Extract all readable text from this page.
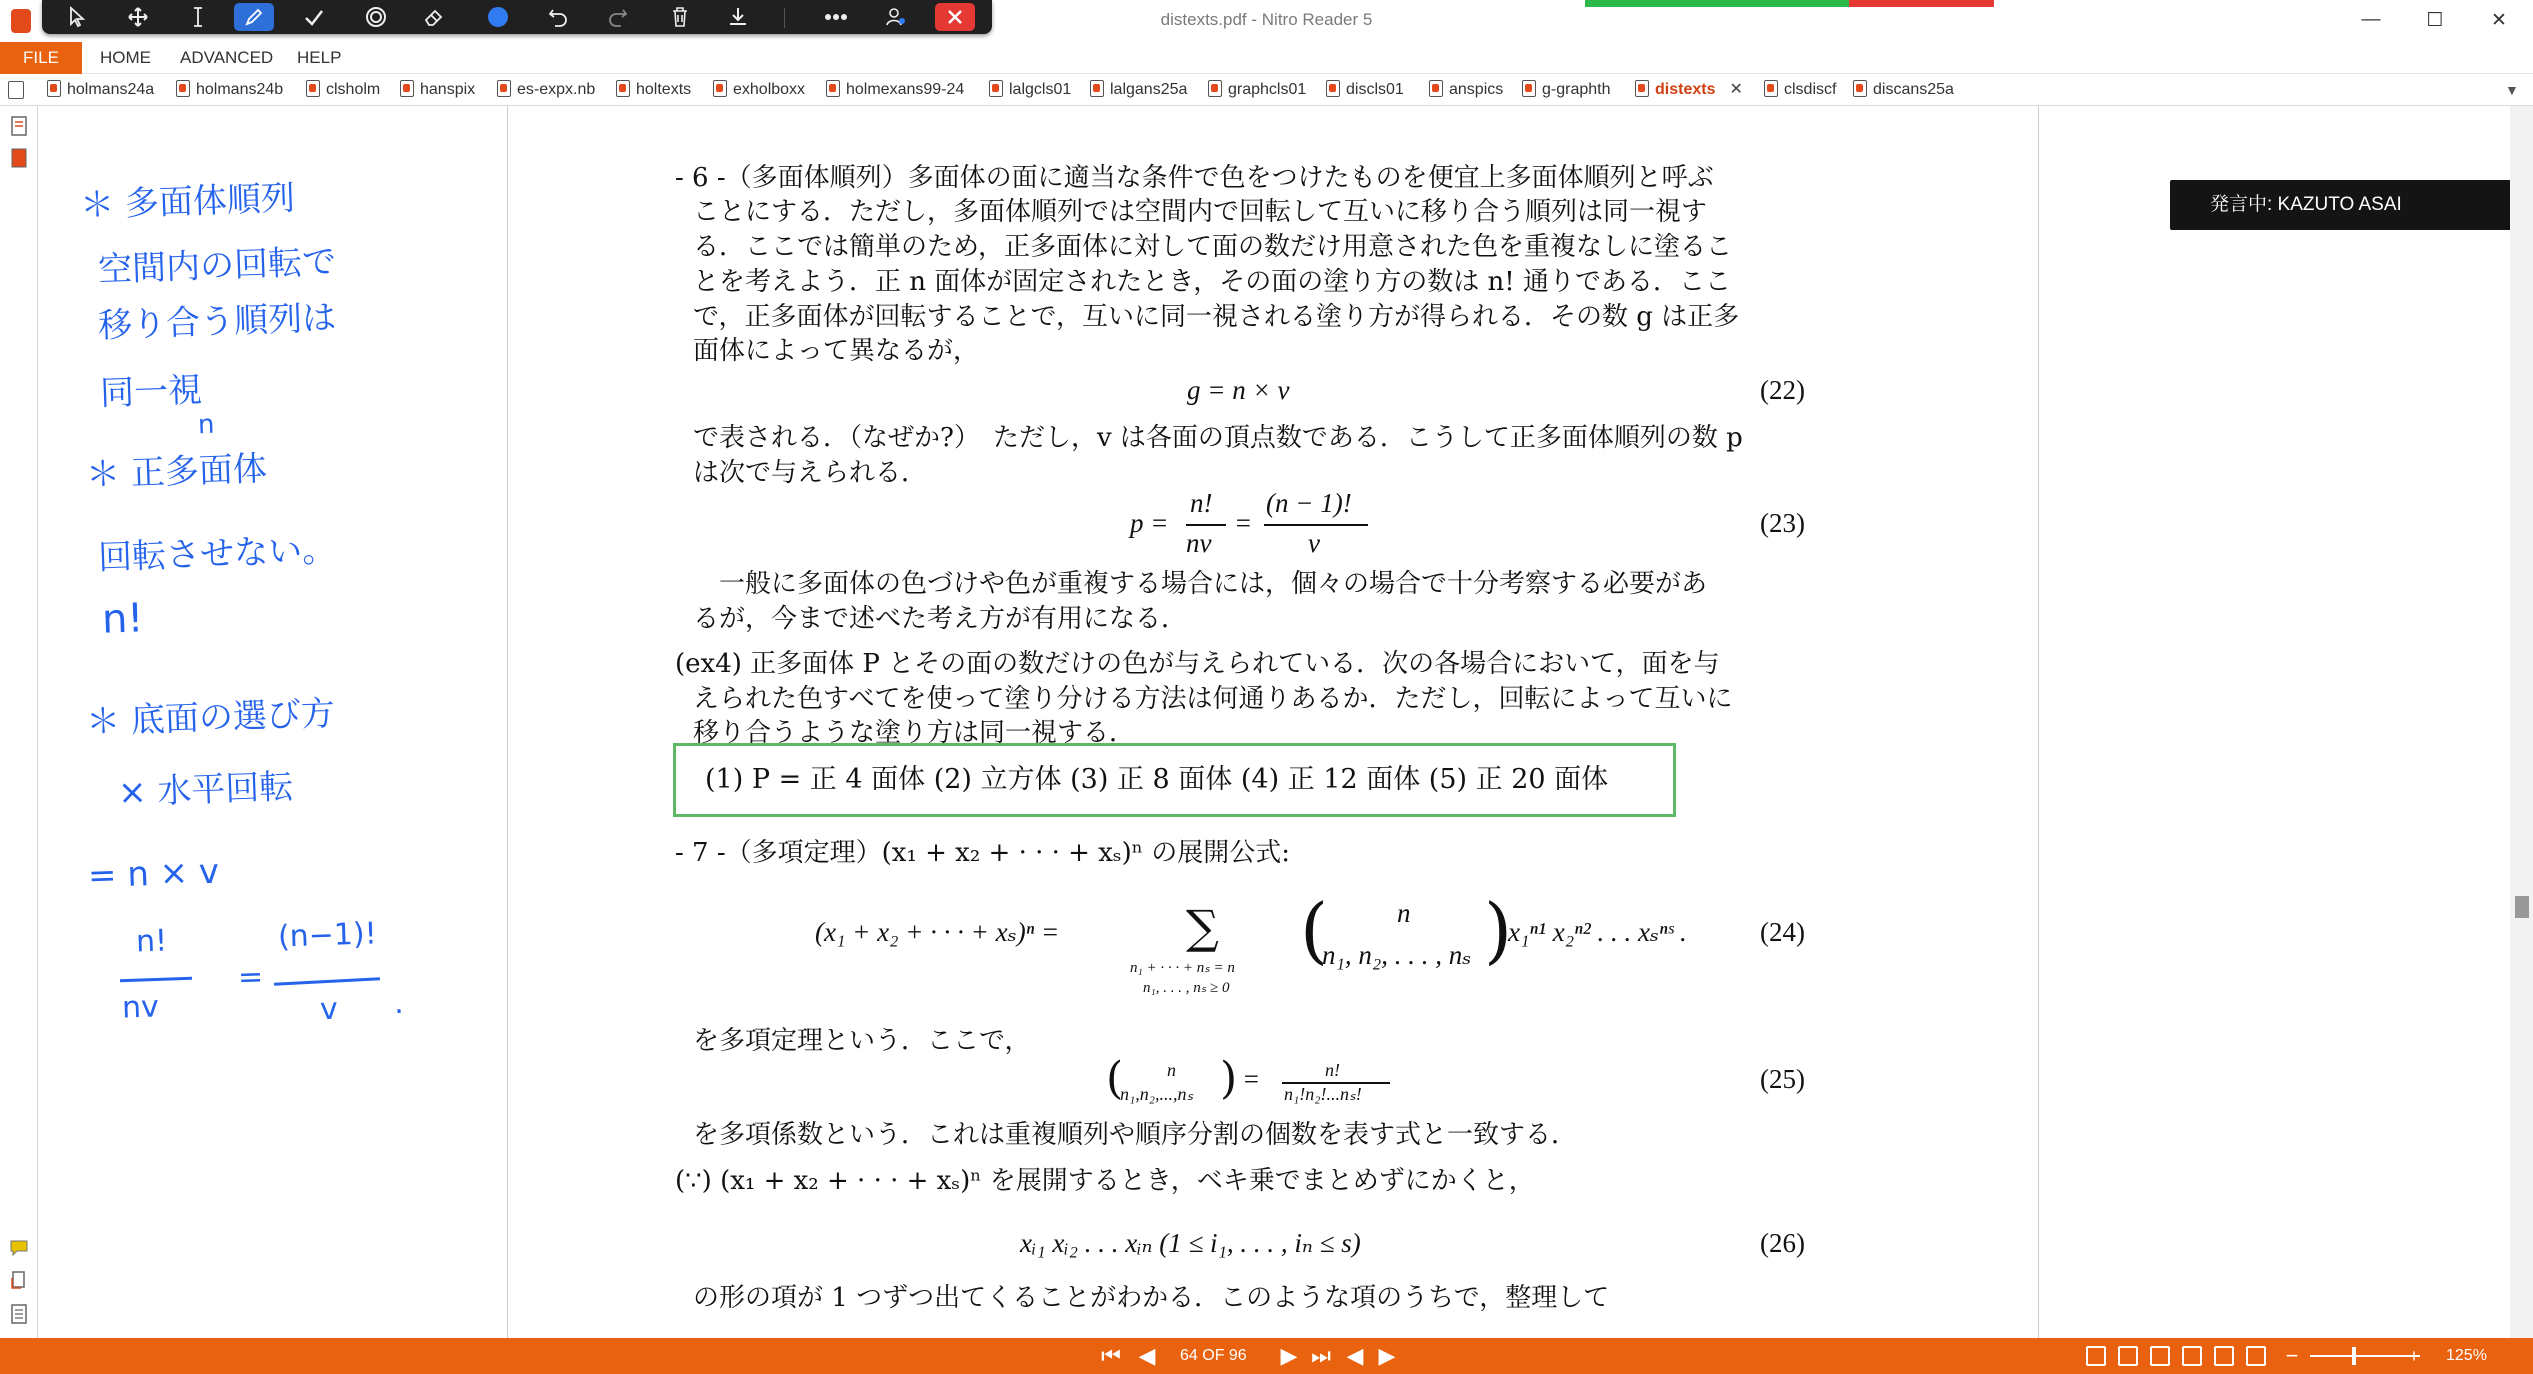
distexts.pdf - Nitro Reader 5	—	☐	✕
FILE	HOME ADVANCED HELP
holmans24a	holmans24b	clsholm	hanspix	es-expx.nb	holtexts	exholboxx	holmexans99-24	lalgcls01	lalgans25a	graphcls01	discls01	anspics	g-graphth	distexts ✕	clsdiscf	discans25a	▼
＊ 多面体順列
空間内の回転で
移り合う順列は
同一視
n
＊ 正多面体
回転させない。
n!
＊ 底面の選び方
× 水平回転
= n × v
n!
nv
=
(n−1)!
v .
- 6 -（多面体順列）多面体の面に適当な条件で色をつけたものを便宜上多面体順列と呼ぶ
ことにする．ただし，多面体順列では空間内で回転して互いに移り合う順列は同一視す
る．ここでは簡単のため，正多面体に対して面の数だけ用意された色を重複なしに塗るこ
とを考えよう．正 n 面体が固定されたとき，その面の塗り方の数は n! 通りである．ここ
で，正多面体が回転することで，互いに同一視される塗り方が得られる．その数 g は正多
面体によって異なるが，
g = n × v	(22)
で表される．（なぜか?）　ただし，v は各面の頂点数である．こうして正多面体順列の数 p
は次で与えられる．
p =
n!
nv
=
(n − 1)!
v
(23)
　一般に多面体の色づけや色が重複する場合には，個々の場合で十分考察する必要があ
るが，今まで述べた考え方が有用になる．
(ex4) 正多面体 P とその面の数だけの色が与えられている．次の各場合において，面を与
えられた色すべてを使って塗り分ける方法は何通りあるか．ただし，回転によって互いに
移り合うような塗り方は同一視する．
(1) P = 正 4 面体 (2) 立方体 (3) 正 8 面体 (4) 正 12 面体 (5) 正 20 面体
- 7 -（多項定理）(x₁ + x₂ + · · · + xₛ)ⁿ の展開公式:
(x₁ + x₂ + · · · + xₛ)ⁿ =	∑
n₁ + · · · + nₛ = n
n₁, . . . , nₛ ≥ 0
(	n
n₁, n₂, . . . , nₛ )
x₁ⁿ¹ x₂ⁿ² . . . xₛⁿˢ .	(24)
を多項定理という．ここで，
( n
n₁,n₂,...,nₛ ) =	n!
n₁!n₂!...nₛ!	(25)
を多項係数という．これは重複順列や順序分割の個数を表す式と一致する．
(∵) (x₁ + x₂ + · · · + xₛ)ⁿ を展開するとき，ベキ乗でまとめずにかくと，
xᵢ₁ xᵢ₂ . . . xᵢₙ (1 ≤ i₁, . . . , iₙ ≤ s)	(26)
の形の項が 1 つずつ出てくることがわかる．このような項のうちで，整理して
発言中: KAZUTO ASAI
⏮ ◀ 64 OF 96 ▶ ⏭ ◀ ▶	−	+ 125%
